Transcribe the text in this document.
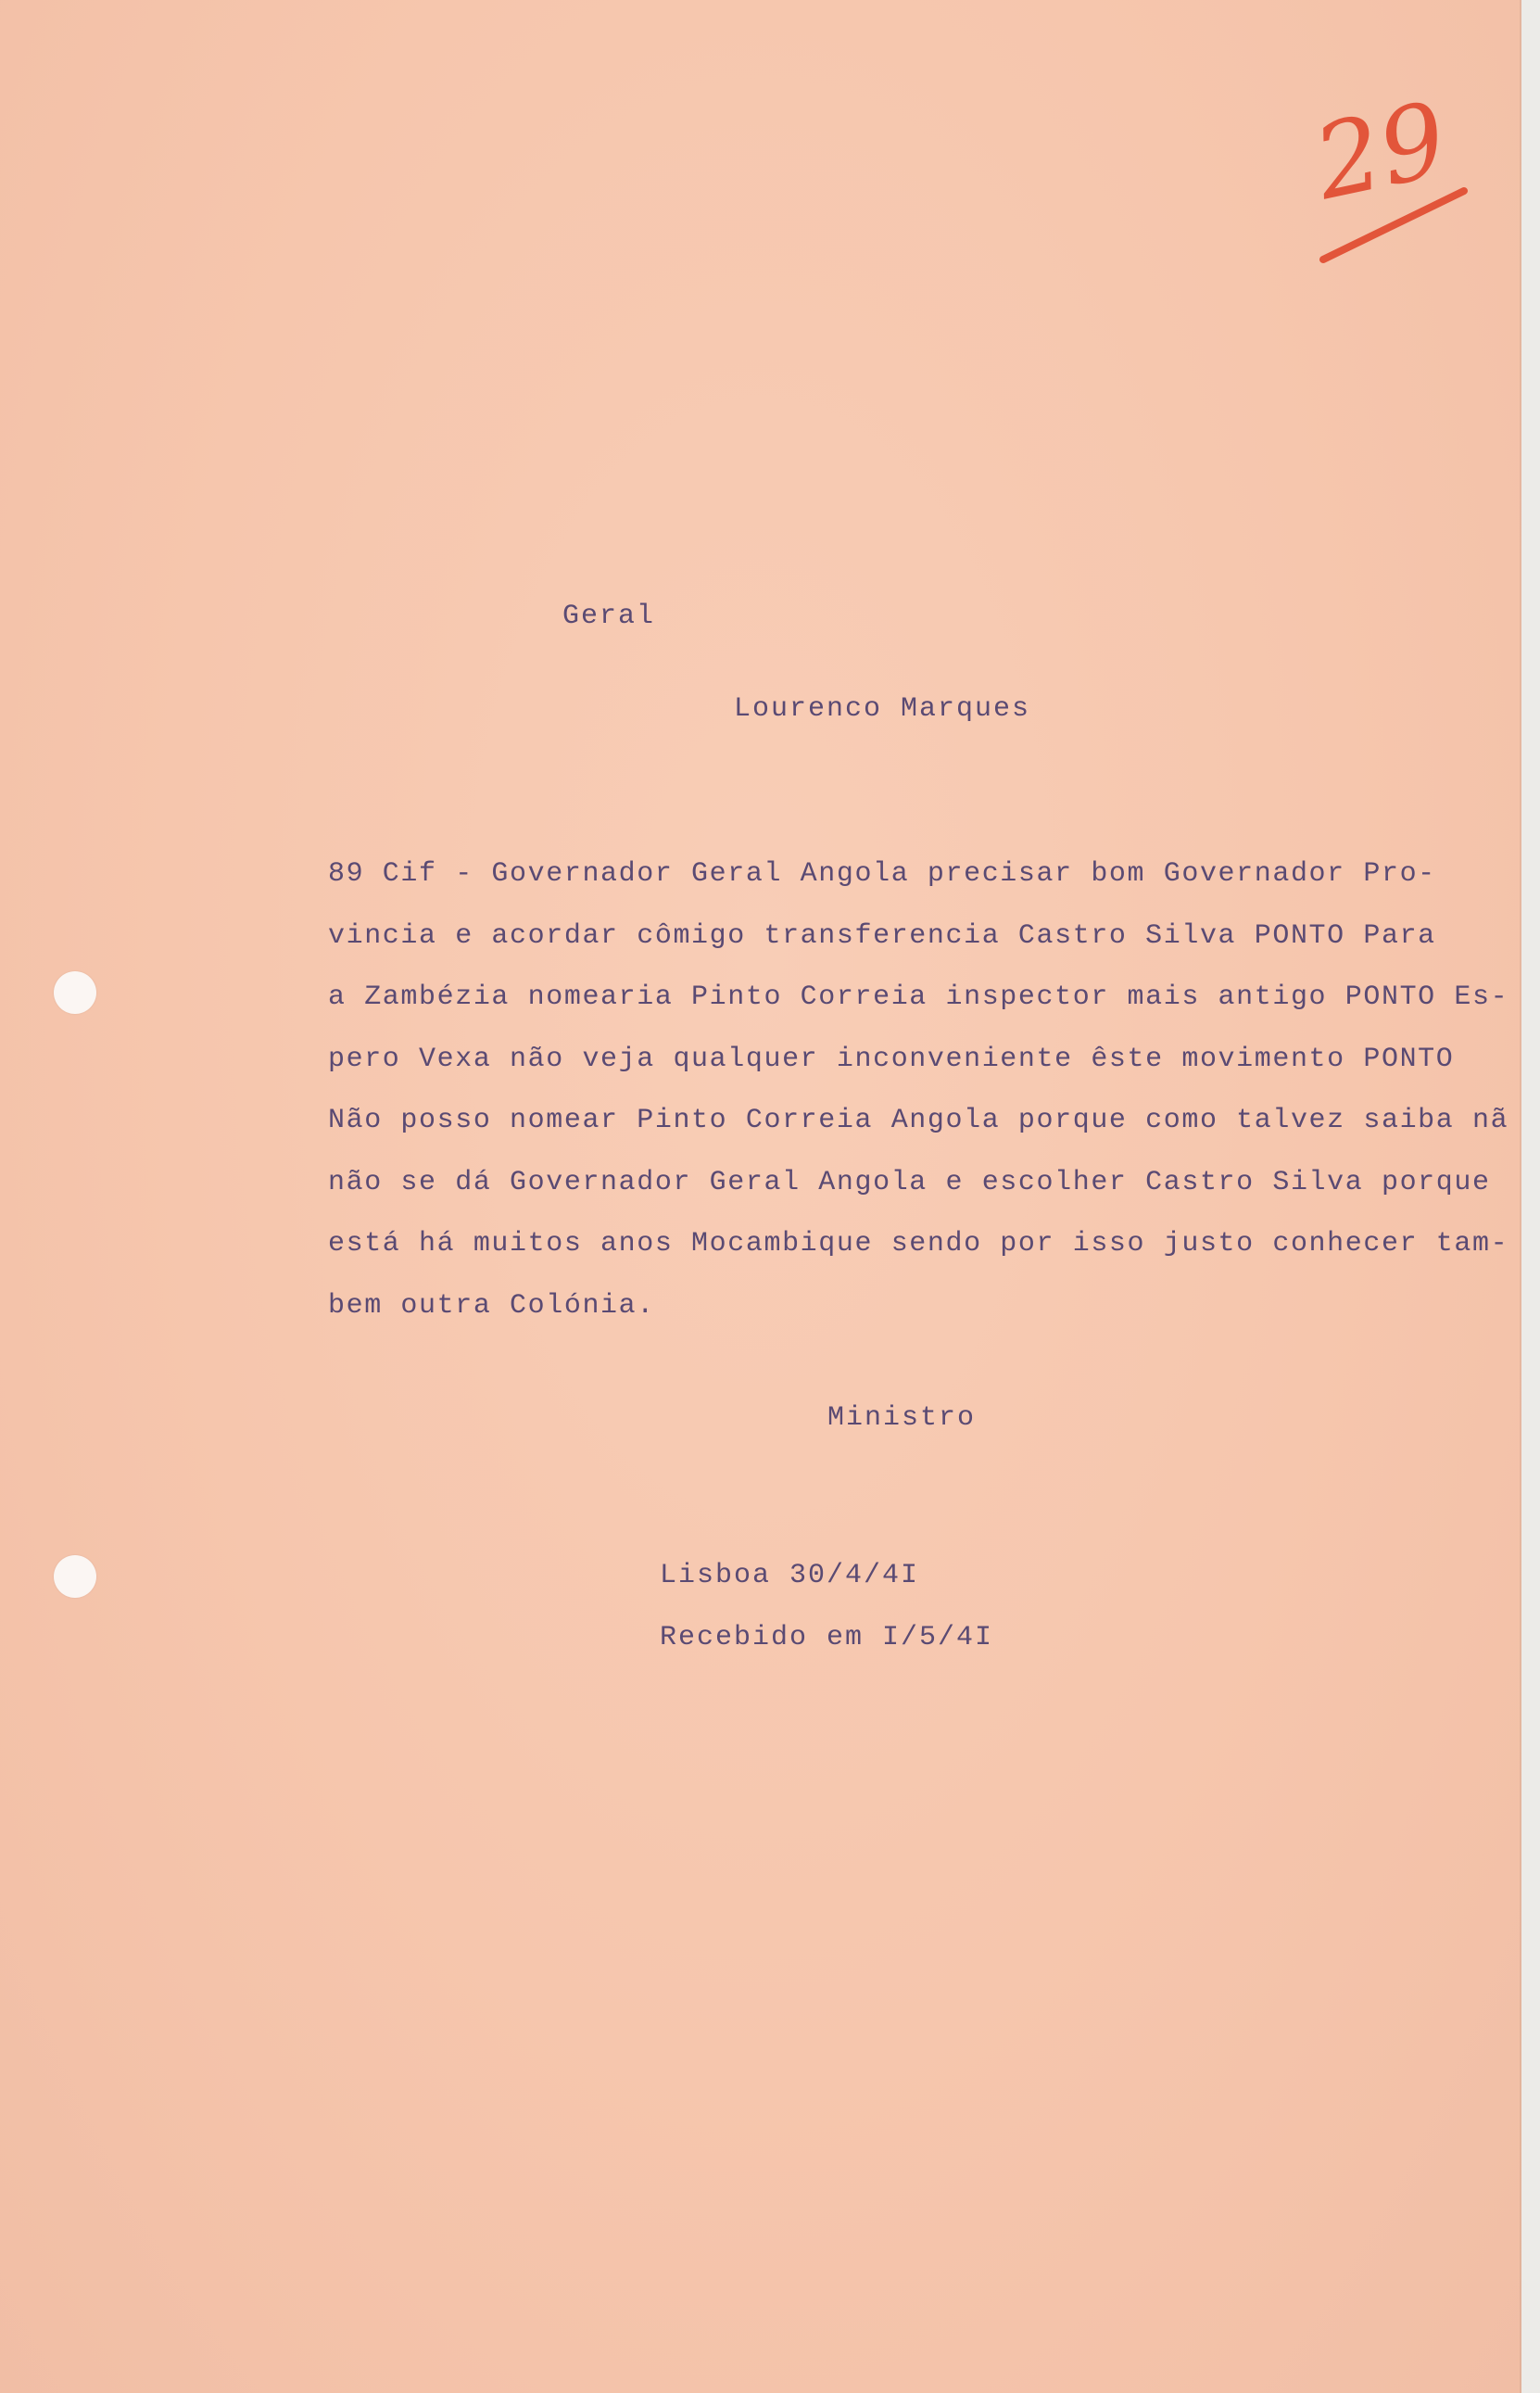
29
Geral
Lourenco Marques
89 Cif - Governador Geral Angola precisar bom Governador Pro-
vincia e acordar cômigo transferencia Castro Silva PONTO Para
a Zambézia nomearia Pinto Correia inspector mais antigo PONTO Es-
pero Vexa não veja qualquer inconveniente êste movimento PONTO
Não posso nomear Pinto Correia Angola porque como talvez saiba nã
não se dá Governador Geral Angola e escolher Castro Silva porque
está há muitos anos Mocambique sendo por isso justo conhecer tam-
bem outra Colónia.
Ministro
Lisboa 30/4/4I
Recebido em I/5/4I
